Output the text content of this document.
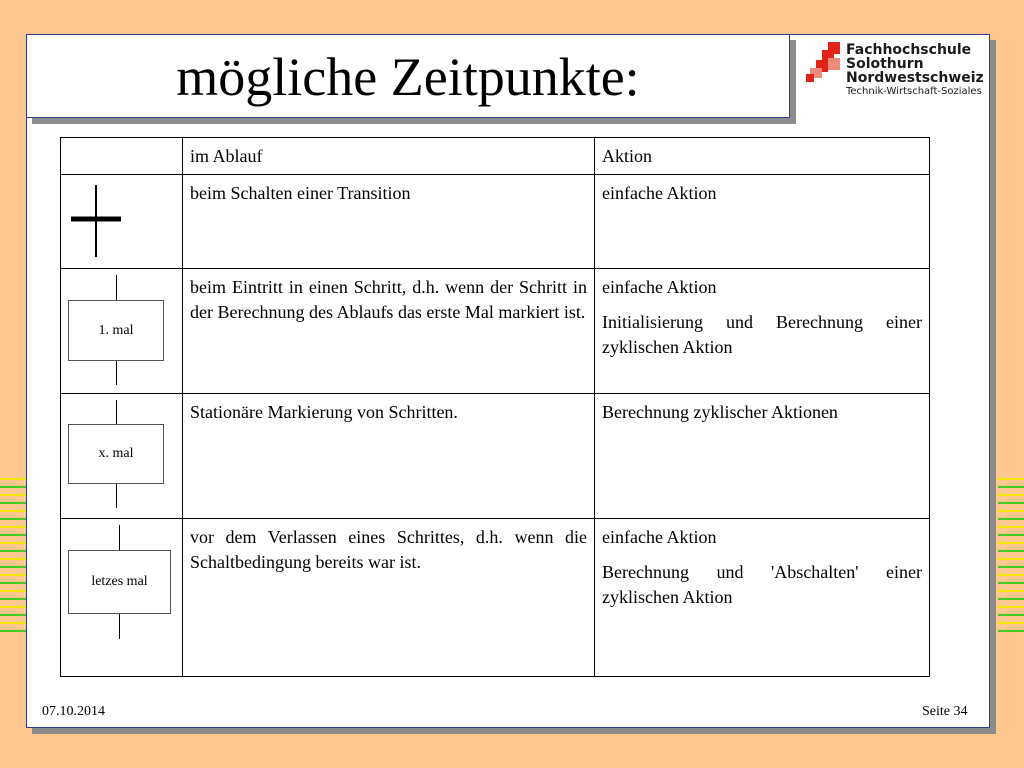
mögliche Zeitpunkte:	Fachhochschule
Solothurn
Nordwestschweiz
Technik-Wirtschaft-Soziales
	im Ablauf	Aktion

	beim Schalten einer Transition	einfache Aktion

1. mal	beim Eintritt in einen Schritt, d.h. wenn der Schritt in der Berechnung des Ablaufs das erste Mal markiert ist.	einfache Aktion

Initialisierung und Berechnung einer zyklischen Aktion

x. mal	Stationäre Markierung von Schritten.	Berechnung zyklischer Aktionen

letzes mal	vor dem Verlassen eines Schrittes, d.h. wenn die Schaltbedingung bereits war ist.	einfache Aktion

Berechnung und 'Abschalten' einer zyklischen Aktion

07.10.2014	Seite 34
